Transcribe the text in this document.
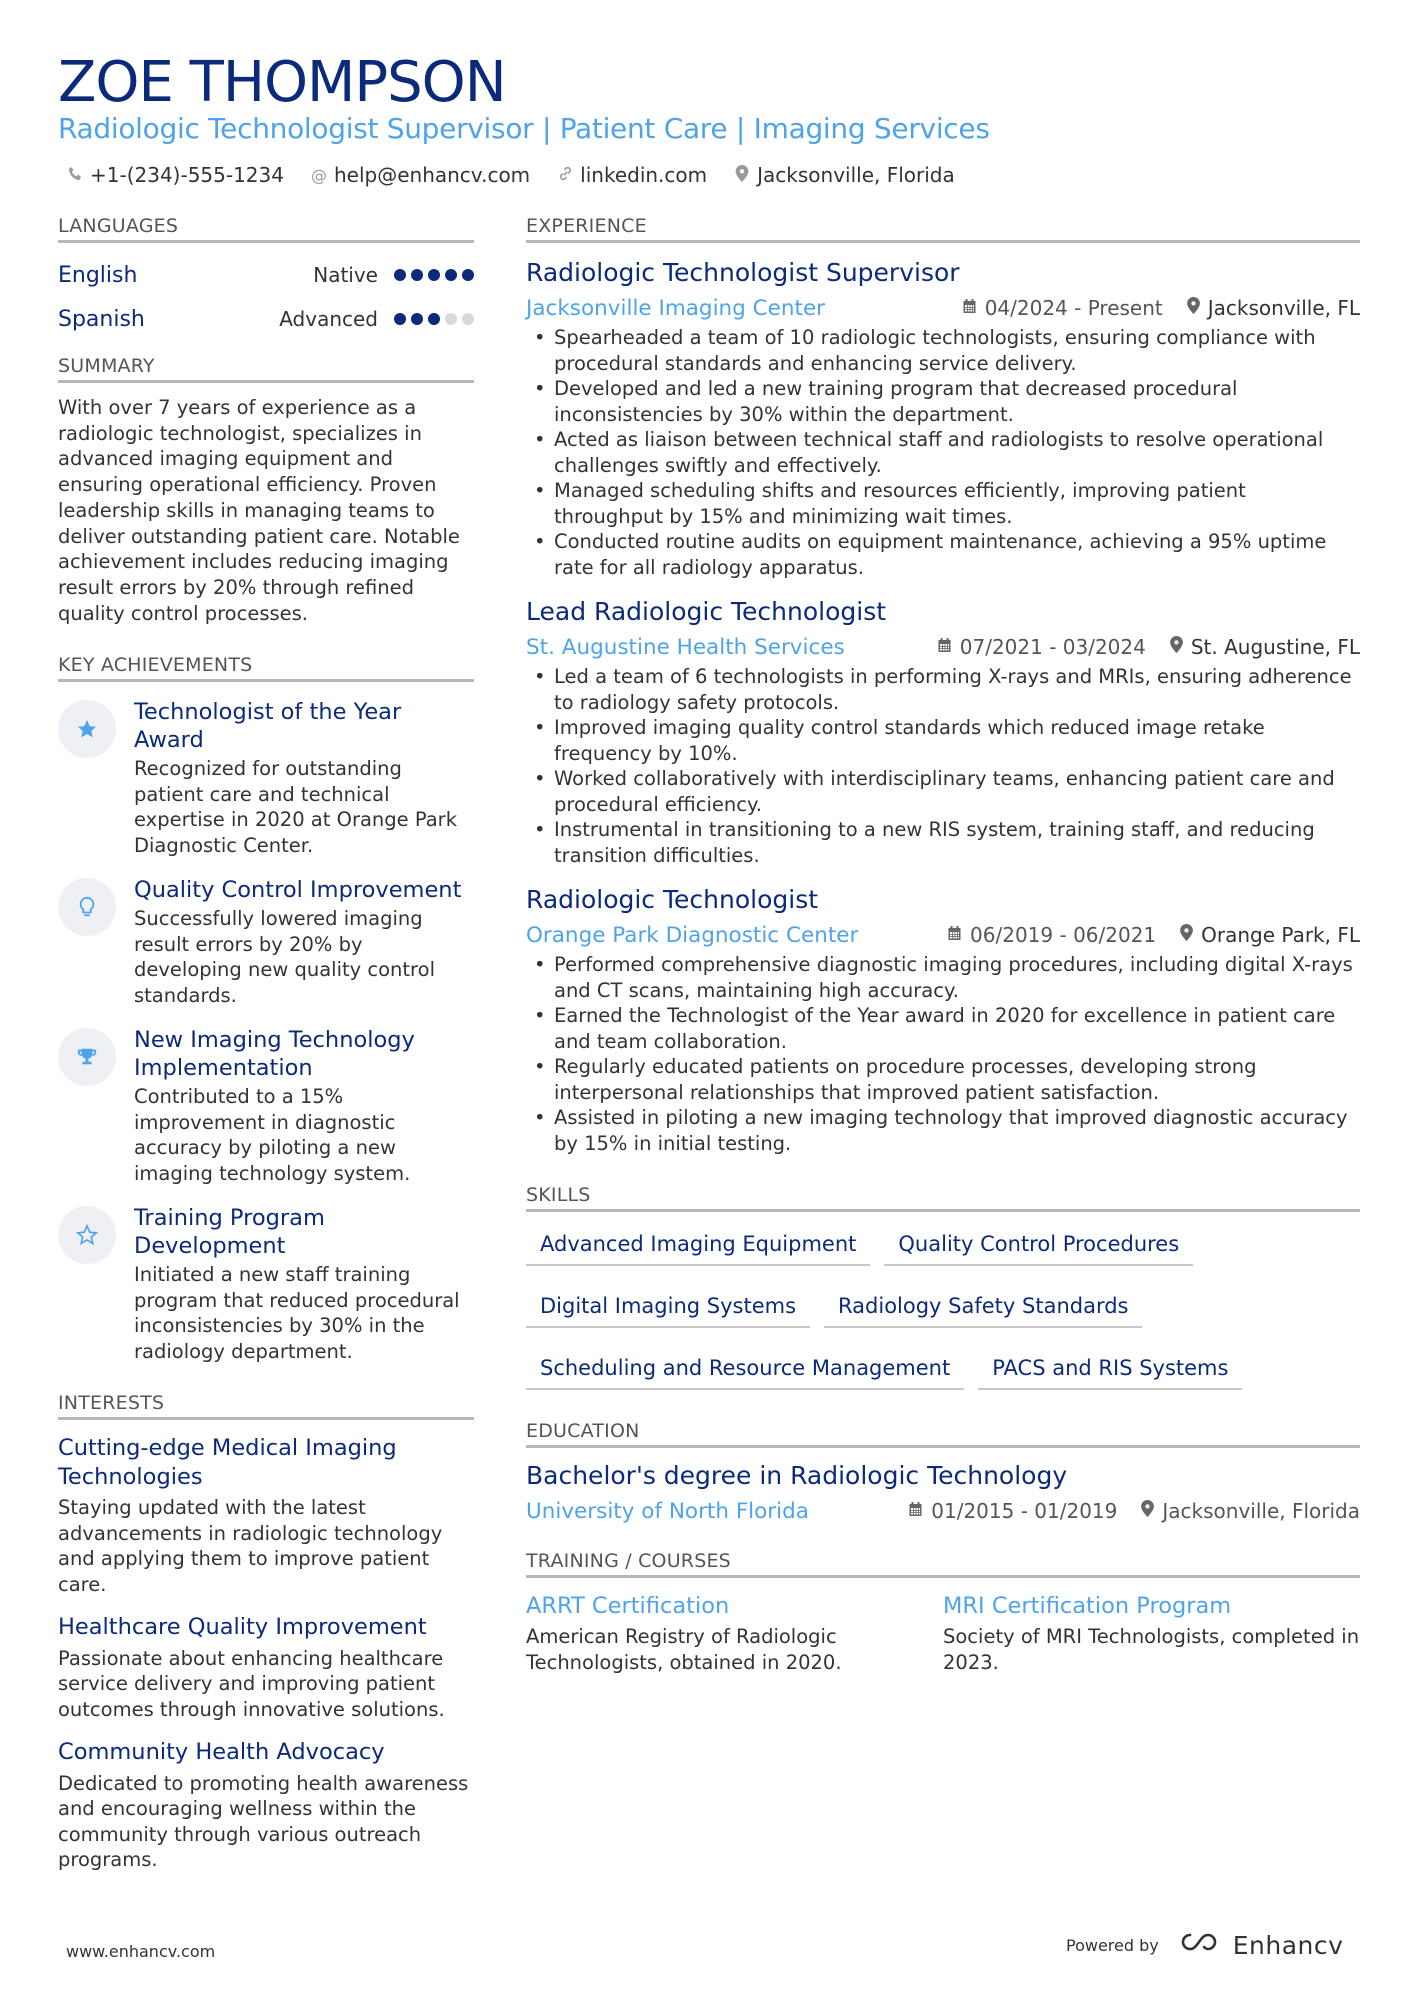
ZOE THOMPSON
Radiologic Technologist Supervisor | Patient Care | Imaging Services
+1-(234)-555-1234 @ help@enhancv.com	linkedin.com	Jacksonville, Florida
LANGUAGES
English	Native
Spanish	Advanced
SUMMARY
With over 7 years of experience as a radiologic technologist, specializes in advanced imaging equipment and ensuring operational efficiency. Proven leadership skills in managing teams to deliver outstanding patient care. Notable achievement includes reducing imaging result errors by 20% through refined quality control processes.
KEY ACHIEVEMENTS
Technologist of the Year Award
Recognized for outstanding patient care and technical expertise in 2020 at Orange Park Diagnostic Center.
Quality Control Improvement
Successfully lowered imaging result errors by 20% by developing new quality control standards.
New Imaging Technology Implementation
Contributed to a 15% improvement in diagnostic accuracy by piloting a new imaging technology system.
Training Program Development
Initiated a new staff training program that reduced procedural inconsistencies by 30% in the radiology department.
INTERESTS
Cutting-edge Medical Imaging Technologies
Staying updated with the latest advancements in radiologic technology and applying them to improve patient care.
Healthcare Quality Improvement
Passionate about enhancing healthcare service delivery and improving patient outcomes through innovative solutions.
Community Health Advocacy
Dedicated to promoting health awareness and encouraging wellness within the community through various outreach programs.
EXPERIENCE
Radiologic Technologist Supervisor
Jacksonville Imaging Center	04/2024 - Present Jacksonville, FL
• Spearheaded a team of 10 radiologic technologists, ensuring compliance with procedural standards and enhancing service delivery.
• Developed and led a new training program that decreased procedural inconsistencies by 30% within the department.
• Acted as liaison between technical staff and radiologists to resolve operational challenges swiftly and effectively.
• Managed scheduling shifts and resources efficiently, improving patient throughput by 15% and minimizing wait times.
• Conducted routine audits on equipment maintenance, achieving a 95% uptime rate for all radiology apparatus.
Lead Radiologic Technologist
St. Augustine Health Services	07/2021 - 03/2024 St. Augustine, FL
• Led a team of 6 technologists in performing X-rays and MRIs, ensuring adherence to radiology safety protocols.
• Improved imaging quality control standards which reduced image retake frequency by 10%.
• Worked collaboratively with interdisciplinary teams, enhancing patient care and procedural efficiency.
• Instrumental in transitioning to a new RIS system, training staff, and reducing transition difficulties.
Radiologic Technologist
Orange Park Diagnostic Center	06/2019 - 06/2021 Orange Park, FL
• Performed comprehensive diagnostic imaging procedures, including digital X-rays and CT scans, maintaining high accuracy.
• Earned the Technologist of the Year award in 2020 for excellence in patient care and team collaboration.
• Regularly educated patients on procedure processes, developing strong interpersonal relationships that improved patient satisfaction.
• Assisted in piloting a new imaging technology that improved diagnostic accuracy by 15% in initial testing.
SKILLS
Advanced Imaging Equipment	Quality Control Procedures
Digital Imaging Systems	Radiology Safety Standards
Scheduling and Resource Management	PACS and RIS Systems
EDUCATION
Bachelor's degree in Radiologic Technology
University of North Florida	01/2015 - 01/2019 Jacksonville, Florida
TRAINING / COURSES
ARRT Certification
American Registry of Radiologic Technologists, obtained in 2020.
MRI Certification Program
Society of MRI Technologists, completed in 2023.
www.enhancv.com	Powered by	Enhancv
